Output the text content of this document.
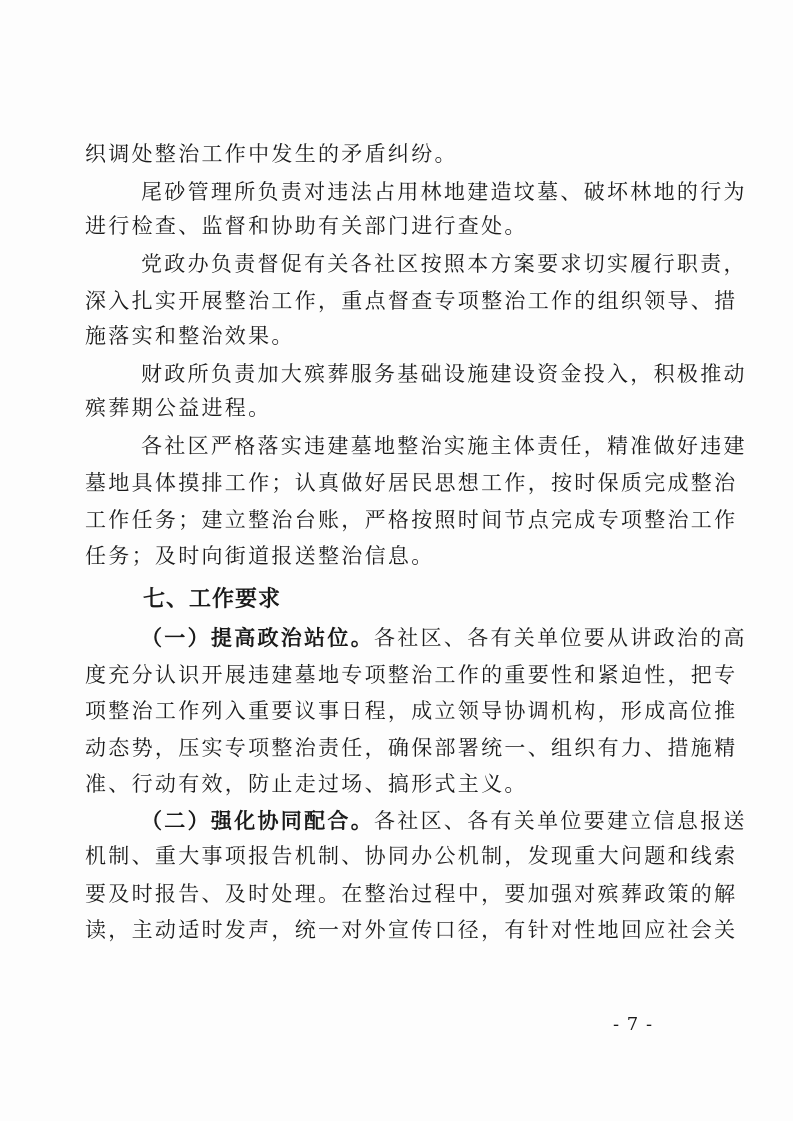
织调处整治工作中发生的矛盾纠纷。
尾砂管理所负责对违法占用林地建造坟墓、破坏林地的行为
进行检查、监督和协助有关部门进行查处。
党政办负责督促有关各社区按照本方案要求切实履行职责，
深入扎实开展整治工作，重点督查专项整治工作的组织领导、措
施落实和整治效果。
财政所负责加大殡葬服务基础设施建设资金投入，积极推动
殡葬期公益进程。
各社区严格落实违建墓地整治实施主体责任，精准做好违建
墓地具体摸排工作；认真做好居民思想工作，按时保质完成整治
工作任务；建立整治台账，严格按照时间节点完成专项整治工作
任务；及时向街道报送整治信息。
七、工作要求
（一）提高政治站位。各社区、各有关单位要从讲政治的高
度充分认识开展违建墓地专项整治工作的重要性和紧迫性，把专
项整治工作列入重要议事日程，成立领导协调机构，形成高位推
动态势，压实专项整治责任，确保部署统一、组织有力、措施精
准、行动有效，防止走过场、搞形式主义。
（二）强化协同配合。各社区、各有关单位要建立信息报送
机制、重大事项报告机制、协同办公机制，发现重大问题和线索
要及时报告、及时处理。在整治过程中，要加强对殡葬政策的解
读，主动适时发声，统一对外宣传口径，有针对性地回应社会关
- 7 -
